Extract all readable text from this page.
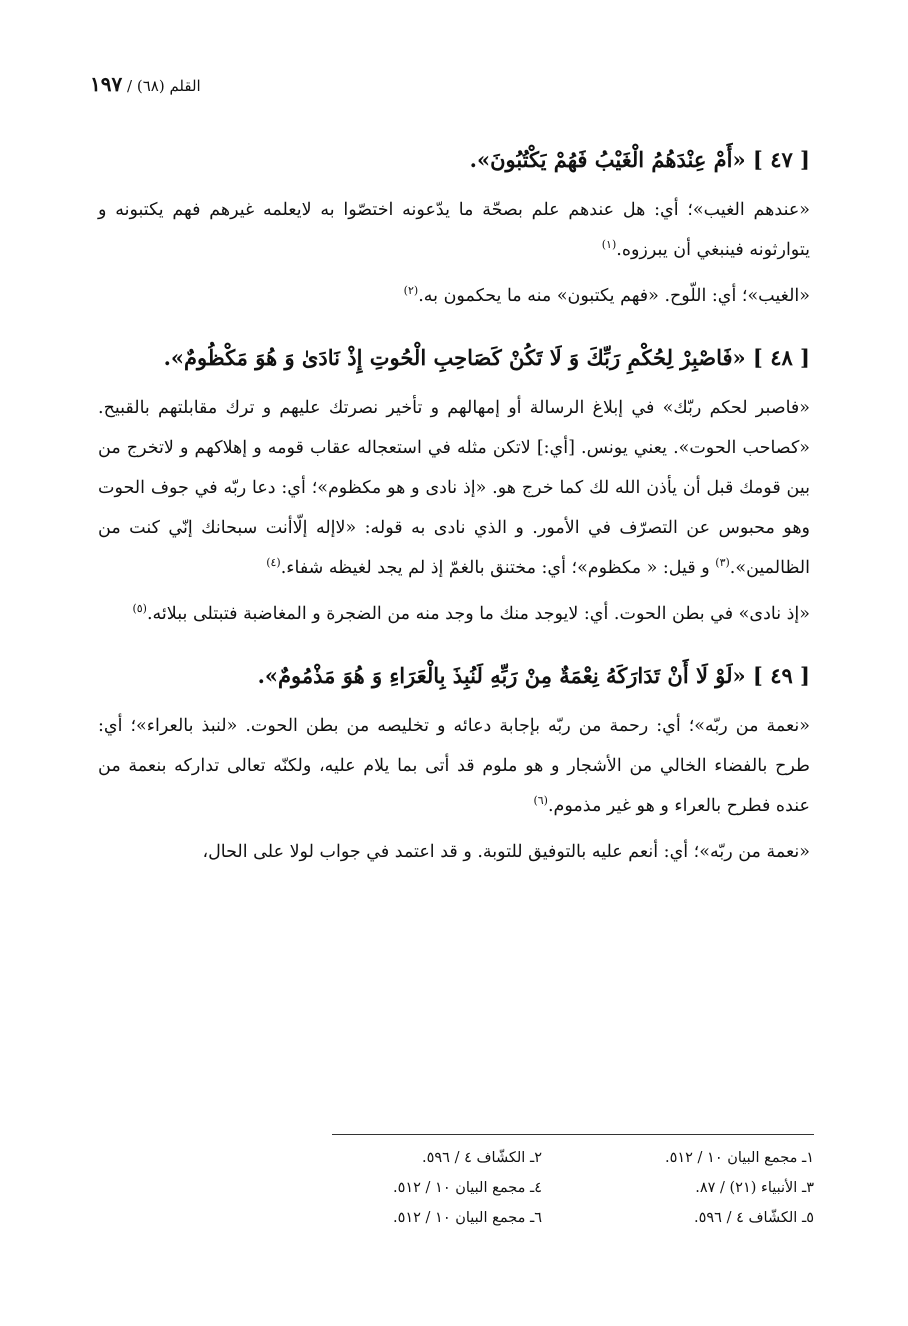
القلم (٦٨) / ١٩٧

[ ٤٧ ] «أَمْ عِنْدَهُمُ الْغَيْبُ فَهُمْ يَكْتُبُونَ».

«عندهم الغيب»؛ أي: هل عندهم علم بصحّة ما يدّعونه اختصّوا به لايعلمه غيرهم فهم يكتبونه و يتوارثونه فينبغي أن يبرزوه.$^{(١)}$

«الغيب»؛ أي: اللّوح. «فهم يكتبون» منه ما يحكمون به.$^{(٢)}$

[ ٤٨ ] «فَاصْبِرْ لِحُكْمِ رَبِّكَ وَ لَا تَكُنْ كَصَاحِبِ الْحُوتِ إِذْ نَادَىٰ وَ هُوَ مَكْظُومٌ».

«فاصبر لحكم ربّك» في إبلاغ الرسالة أو إمهالهم و تأخير نصرتك عليهم و ترك مقابلتهم بالقبيح. «كصاحب الحوت». يعني يونس. [أي:] لاتكن مثله في استعجاله عقاب قومه و إهلاكهم و لاتخرج من بين قومك قبل أن يأذن الله لك كما خرج هو. «إذ نادى و هو مكظوم»؛ أي: دعا ربّه في جوف الحوت وهو محبوس عن التصرّف في الأمور. و الذي نادى به قوله: «لاإله إلّاأنت سبحانك إنّي كنت من الظالمين».$^{(٣)}$ و قيل: « مكظوم»؛ أي: مختنق بالغمّ إذ لم يجد لغيظه شفاء.$^{(٤)}$

«إذ نادى» في بطن الحوت. أي: لايوجد منك ما وجد منه من الضجرة و المغاضبة فتبتلى ببلائه.$^{(٥)}$

[ ٤٩ ] «لَوْ لَا أَنْ تَدَارَكَهُ نِعْمَةٌ مِنْ رَبِّهِ لَنُبِذَ بِالْعَرَاءِ وَ هُوَ مَذْمُومٌ».

«نعمة من ربّه»؛ أي: رحمة من ربّه بإجابة دعائه و تخليصه من بطن الحوت. «لنبذ بالعراء»؛ أي: طرح بالفضاء الخالي من الأشجار و هو ملوم قد أتى بما يلام عليه، ولكنّه تعالى تداركه بنعمة من عنده فطرح بالعراء و هو غير مذموم.$^{(٦)}$

«نعمة من ربّه»؛ أي: أنعم عليه بالتوفيق للتوبة. و قد اعتمد في جواب لولا على الحال،

١ـ مجمع البيان ١٠ / ٥١٢.
٢ـ الكشّاف ٤ / ٥٩٦.
٣ـ الأنبياء (٢١) / ٨٧.
٤ـ مجمع البيان ١٠ / ٥١٢.
٥ـ الكشّاف ٤ / ٥٩٦.
٦ـ مجمع البيان ١٠ / ٥١٢.
